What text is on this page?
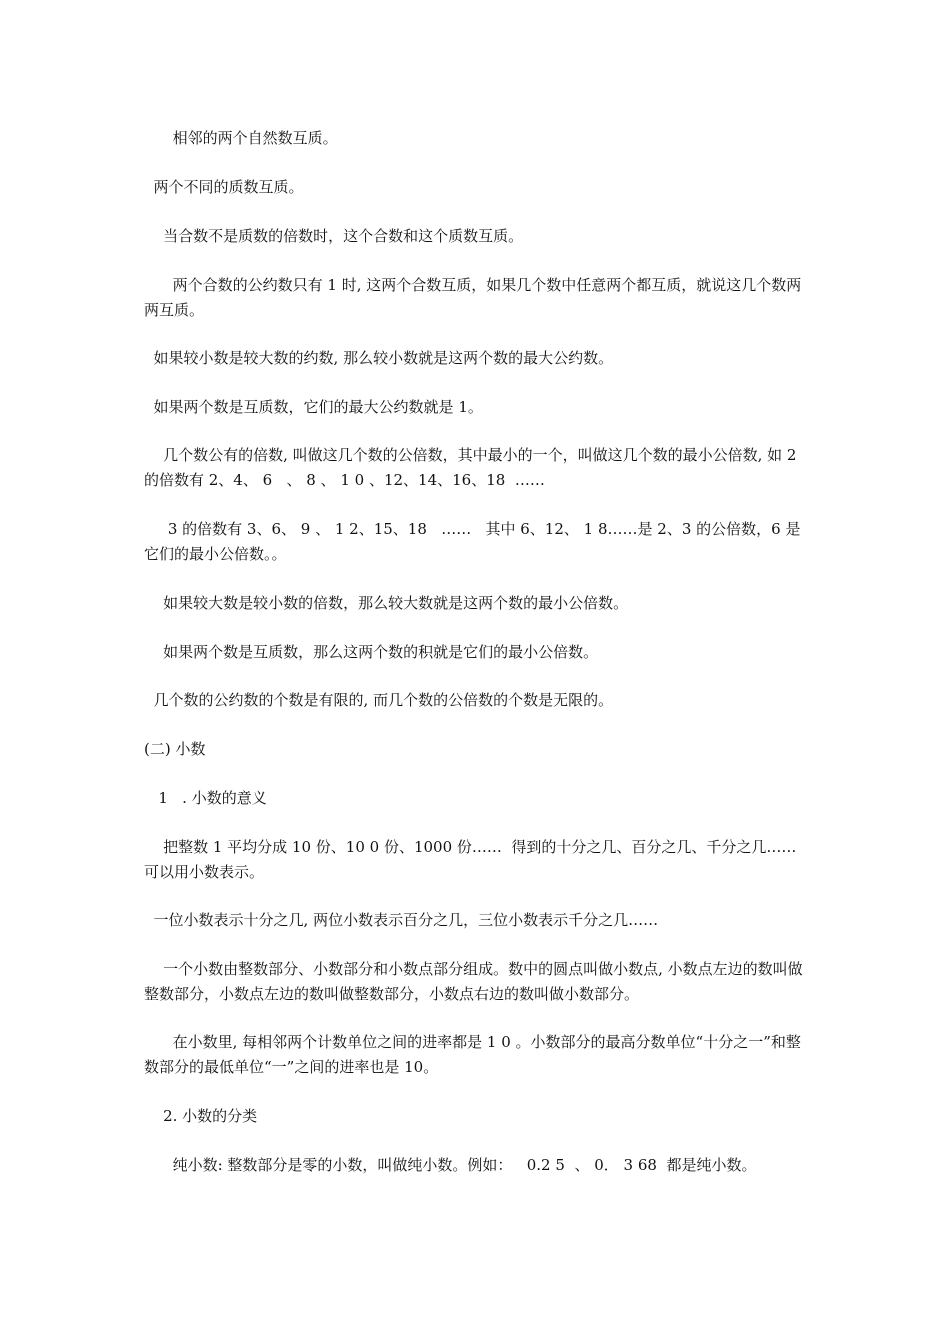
相邻的两个自然数互质。

两个不同的质数互质。

当合数不是质数的倍数时，这个合数和这个质数互质。

两个合数的公约数只有 1 时, 这两个合数互质，如果几个数中任意两个都互质，就说这几个数两两互质。

如果较小数是较大数的约数, 那么较小数就是这两个数的最大公约数。

如果两个数是互质数，它们的最大公约数就是 1。

几个数公有的倍数, 叫做这几个数的公倍数，其中最小的一个，叫做这几个数的最小公倍数, 如 2 的倍数有 2、4、 6   、 8 、 1 0 、12、14、16、18  ……

3 的倍数有 3、6、 9 、 1 2、15、18   ……   其中 6、12、 1 8……是 2、3 的公倍数，6 是它们的最小公倍数。。

如果较大数是较小数的倍数，那么较大数就是这两个数的最小公倍数。

如果两个数是互质数，那么这两个数的积就是它们的最小公倍数。

几个数的公约数的个数是有限的, 而几个数的公倍数的个数是无限的。

(二) 小数

1   . 小数的意义

把整数 1 平均分成 10 份、10 0 份、1000 份……  得到的十分之几、百分之几、千分之几……  可以用小数表示。

一位小数表示十分之几, 两位小数表示百分之几，三位小数表示千分之几……

一个小数由整数部分、小数部分和小数点部分组成。数中的圆点叫做小数点, 小数点左边的数叫做整数部分，小数点左边的数叫做整数部分，小数点右边的数叫做小数部分。

在小数里, 每相邻两个计数单位之间的进率都是 1 0 。小数部分的最高分数单位“十分之一”和整数部分的最低单位“一”之间的进率也是 10。

2. 小数的分类

纯小数: 整数部分是零的小数，叫做纯小数。例如：   0.2 5  、 0． 3 68  都是纯小数。
